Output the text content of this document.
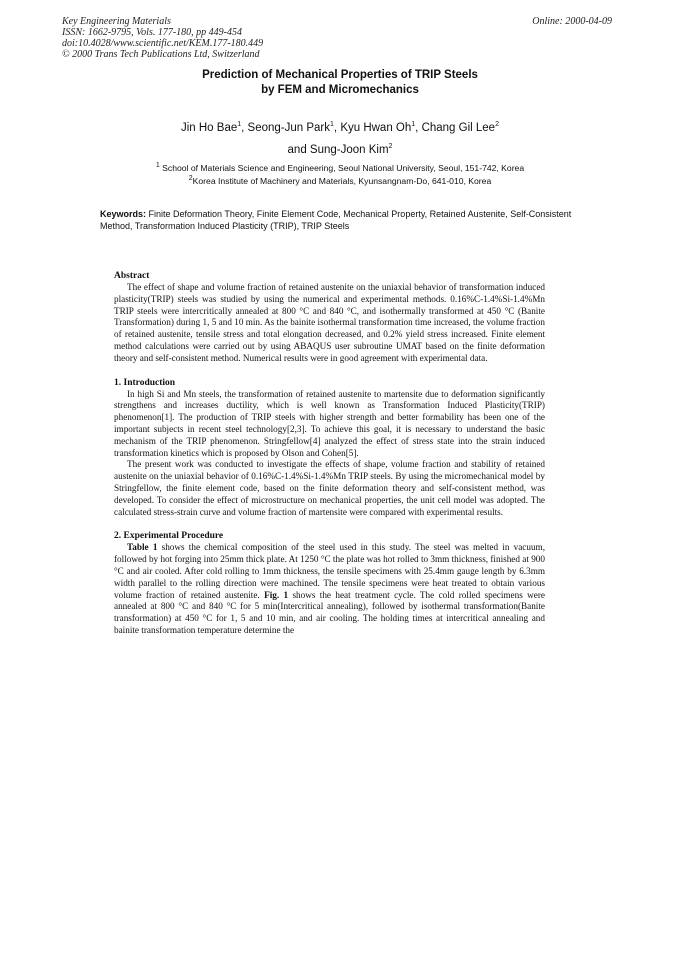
Key Engineering Materials
ISSN: 1662-9795, Vols. 177-180, pp 449-454
doi:10.4028/www.scientific.net/KEM.177-180.449
© 2000 Trans Tech Publications Ltd, Switzerland
Online: 2000-04-09
Prediction of Mechanical Properties of TRIP Steels
by FEM and Micromechanics
Jin Ho Bae$^1$, Seong-Jun Park$^1$, Kyu Hwan Oh$^1$, Chang Gil Lee$^2$
and Sung-Joon Kim$^2$
$^1$ School of Materials Science and Engineering, Seoul National University, Seoul, 151-742, Korea
$^2$Korea Institute of Machinery and Materials, Kyunsangnam-Do, 641-010, Korea
Keywords: Finite Deformation Theory, Finite Element Code, Mechanical Property, Retained Austenite, Self-Consistent Method, Transformation Induced Plasticity (TRIP), TRIP Steels

Abstract

The effect of shape and volume fraction of retained austenite on the uniaxial behavior of transformation induced plasticity(TRIP) steels was studied by using the numerical and experimental methods. 0.16%C-1.4%Si-1.4%Mn TRIP steels were intercritically annealed at 800 °C and 840 °C, and isothermally transformed at 450 °C (Banite Transformation) during 1, 5 and 10 min. As the bainite isothermal transformation time increased, the volume fraction of retained austenite, tensile stress and total elongation decreased, and 0.2% yield stress increased. Finite element method calculations were carried out by using ABAQUS user subroutine UMAT based on the finite deformation theory and self-consistent method. Numerical results were in good agreement with experimental data.

1. Introduction

In high Si and Mn steels, the transformation of retained austenite to martensite due to deformation significantly strengthens and increases ductility, which is well known as Transformation Induced Plasticity(TRIP) phenomenon[1]. The production of TRIP steels with higher strength and better formability has been one of the important subjects in recent steel technology[2,3]. To achieve this goal, it is necessary to understand the basic mechanism of the TRIP phenomenon. Stringfellow[4] analyzed the effect of stress state into the strain induced transformation kinetics which is proposed by Olson and Cohen[5].

The present work was conducted to investigate the effects of shape, volume fraction and stability of retained austenite on the uniaxial behavior of 0.16%C-1.4%Si-1.4%Mn TRIP steels. By using the micromechanical model by Stringfellow, the finite element code, based on the finite deformation theory and self-consistent method, was developed. To consider the effect of microstructure on mechanical properties, the unit cell model was adopted. The calculated stress-strain curve and volume fraction of martensite were compared with experimental results.

2. Experimental Procedure

Table 1 shows the chemical composition of the steel used in this study. The steel was melted in vacuum, followed by hot forging into 25mm thick plate. At 1250 °C the plate was hot rolled to 3mm thickness, finished at 900 °C and air cooled. After cold rolling to 1mm thickness, the tensile specimens with 25.4mm gauge length by 6.3mm width parallel to the rolling direction were machined. The tensile specimens were heat treated to obtain various volume fraction of retained austenite. Fig. 1 shows the heat treatment cycle. The cold rolled specimens were annealed at 800 °C and 840 °C for 5 min(Intercritical annealing), followed by isothermal transformation(Banite transformation) at 450 °C for 1, 5 and 10 min, and air cooling. The holding times at intercritical annealing and bainite transformation temperature determine the
